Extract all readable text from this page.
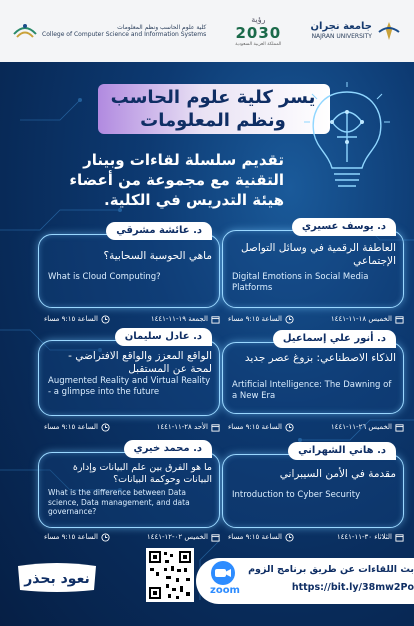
كلية علوم الحاسب ونظم المعلومات
College of Computer Science and Information Systems
رؤية
2030
المملكة العربية السعودية
جامعة نجران
NAJRAN UNIVERSITY
يسر كلية علوم الحاسب ونظم المعلومات
تقديم سلسلة لقاءات وبينار التقنية مع مجموعة من أعضاء هيئة التدريس في الكلية.
د. عائشة مشرقي
ماهي الحوسبة السحابية؟
What is Cloud Computing?
الجمعة ١٩-١١-١٤٤١
الساعة ٩:١٥ مساء
د. يوسف عسيري
العاطفة الرقمية في وسائل التواصل الإجتماعي
Digital Emotions in Social Media Platforms
الخميس ١٨-١١-١٤٤١
الساعة ٩:١٥ مساء
د. عادل سليمان
الواقع المعزز والواقع الافتراضي - لمحة عن المستقبل
Augmented Reality and Virtual Reality - a glimpse into the future
الأحد ٢٨-١١-١٤٤١
الساعة ٩:١٥ مساء
د. أنور علي إسماعيل
الذكاء الاصطناعي: بزوغ عصر جديد
Artificial Intelligence: The Dawning of a New Era
الخميس ٢٦-١١-١٤٤١
الساعة ٩:١٥ مساء
د. محمد خيري
ما هو الفرق بين علم البيانات وإدارة البيانات وحوكمة البيانات؟
What is the difference between Data science, Data management, and data governance?
الخميس ٠٢-١٢-١٤٤١
الساعة ٩:١٥ مساء
د. هاني الشهراني
مقدمة في الأمن السيبراني
Introduction to Cyber Security
الثلاثاء ٣٠-١١-١٤٤١
الساعة ٩:١٥ مساء
نعود بحذر
zoom
بث اللقاءات عن طريق برنامج الزوم
https://bit.ly/38mw2Po
